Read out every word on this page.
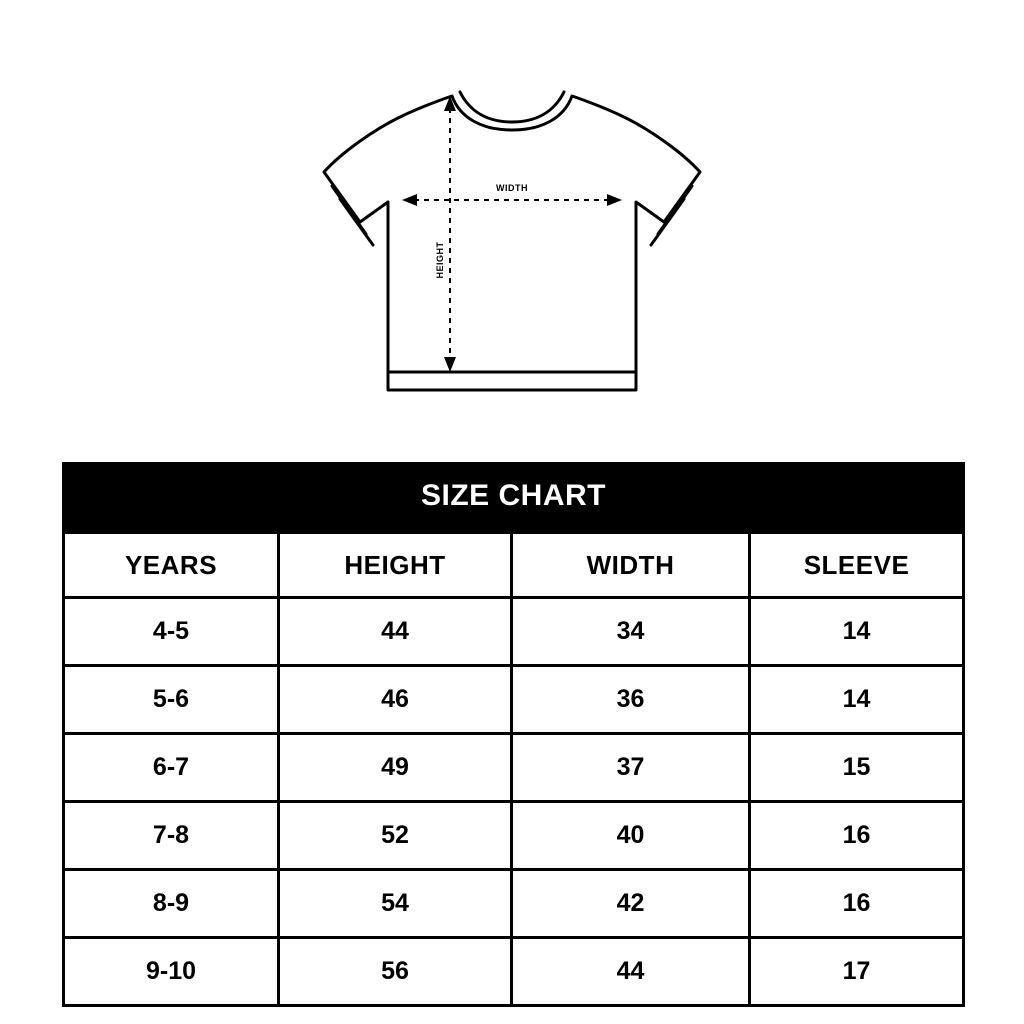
WIDTH
HEIGHT
SIZE CHART			
YEARS	HEIGHT	WIDTH	SLEEVE
4-5	44	34	14
5-6	46	36	14
6-7	49	37	15
7-8	52	40	16
8-9	54	42	16
9-10	56	44	17
